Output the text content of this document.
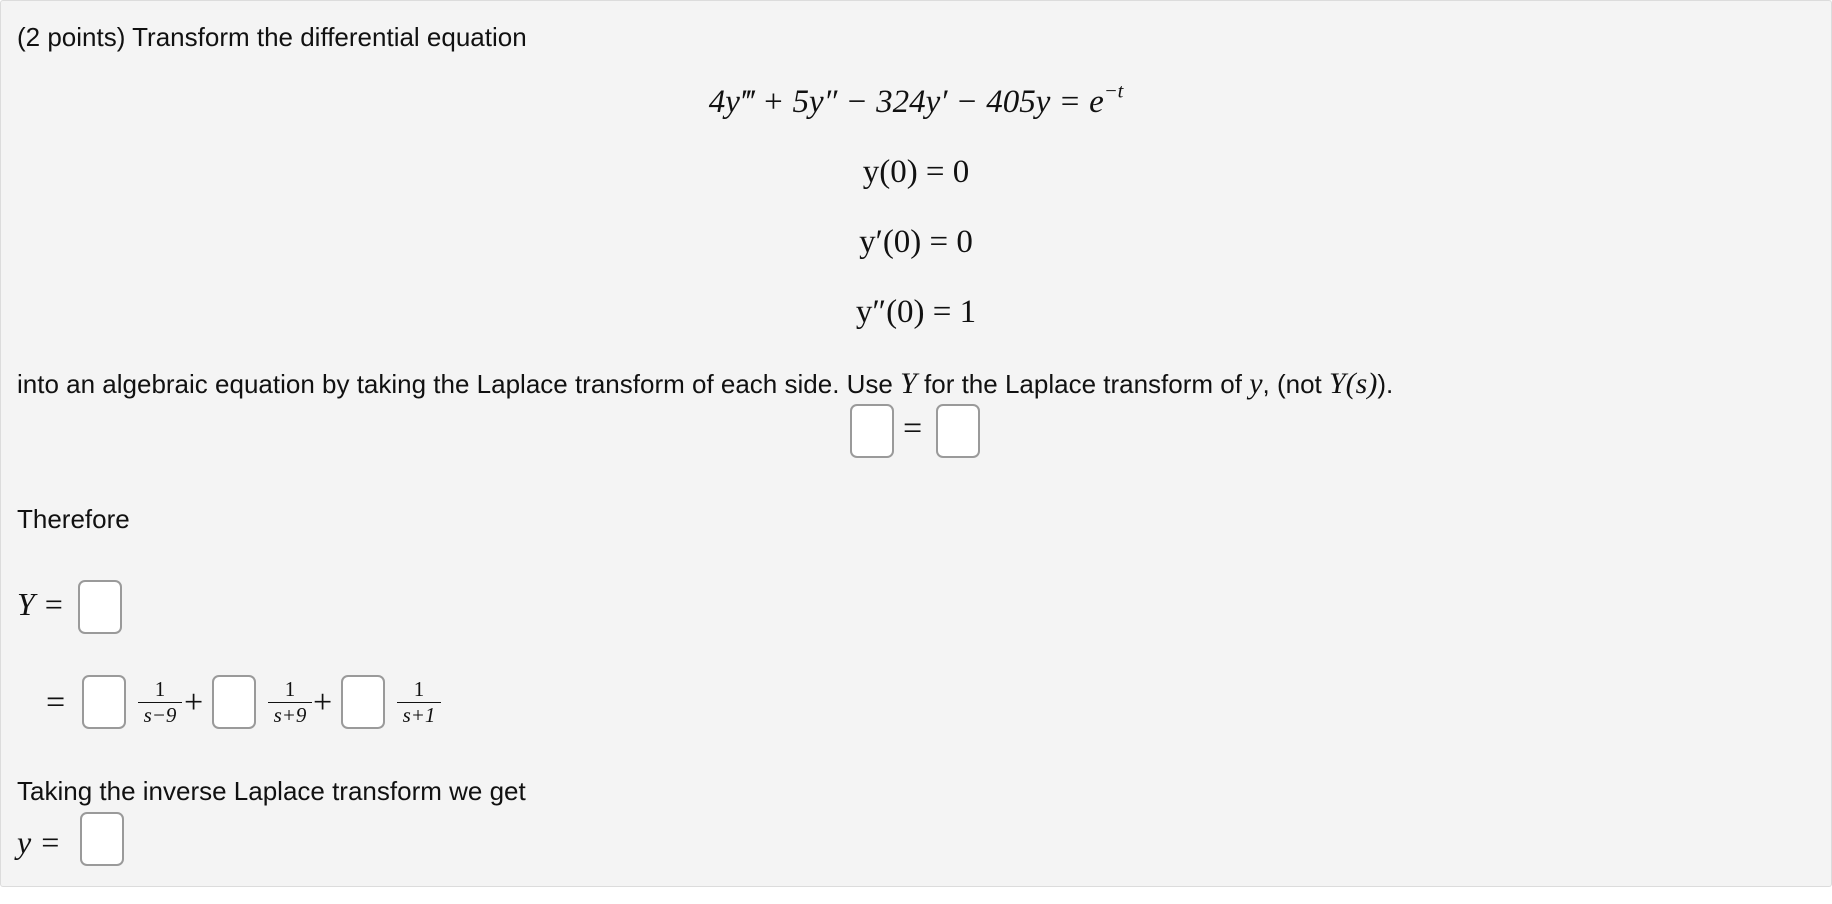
(2 points) Transform the differential equation
4y‴ + $5y'' - 324y' - 405y = e^{-t}$
y(0) = 0
y′(0) = 0
y″(0) = 1
into an algebraic equation by taking the Laplace transform of each side. Use Y for the Laplace transform of y, (not Y(s)).
=
Therefore
Y =
=	1
s−9 +	1
s+9 +	1
s+1
Taking the inverse Laplace transform we get
y =
